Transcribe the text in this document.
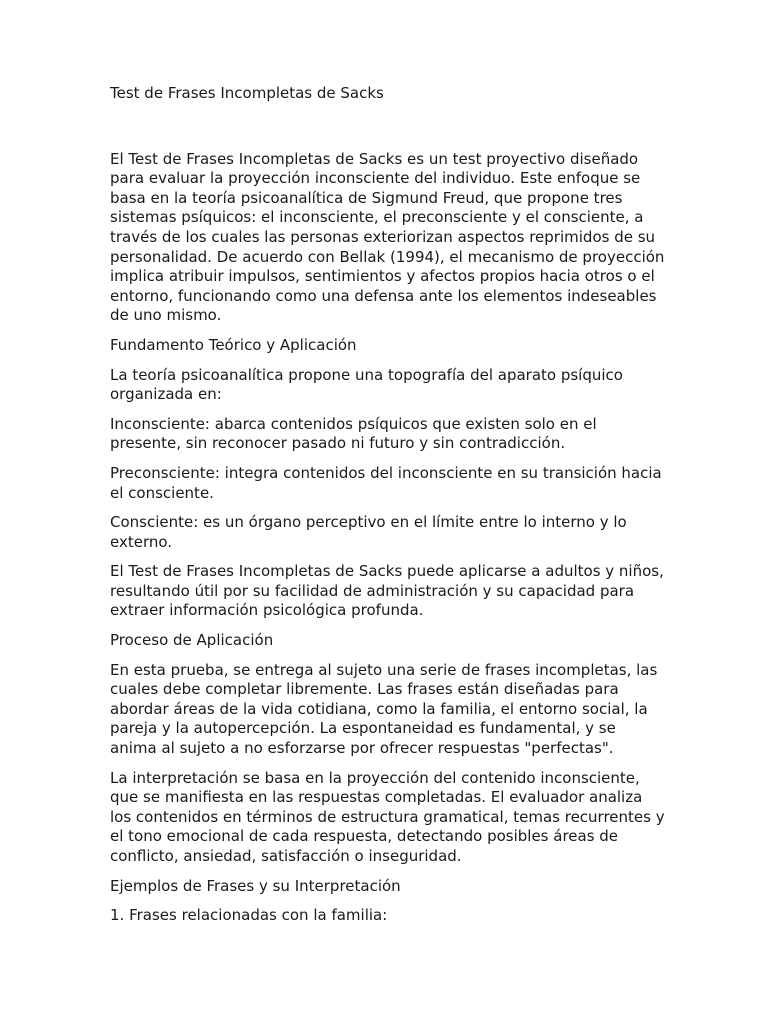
Test de Frases Incompletas de Sacks

El Test de Frases Incompletas de Sacks es un test proyectivo diseñado para evaluar la proyección inconsciente del individuo. Este enfoque se basa en la teoría psicoanalítica de Sigmund Freud, que propone tres sistemas psíquicos: el inconsciente, el preconsciente y el consciente, a través de los cuales las personas exteriorizan aspectos reprimidos de su personalidad. De acuerdo con Bellak (1994), el mecanismo de proyección implica atribuir impulsos, sentimientos y afectos propios hacia otros o el entorno, funcionando como una defensa ante los elementos indeseables de uno mismo.

Fundamento Teórico y Aplicación

La teoría psicoanalítica propone una topografía del aparato psíquico organizada en:

Inconsciente: abarca contenidos psíquicos que existen solo en el presente, sin reconocer pasado ni futuro y sin contradicción.

Preconsciente: integra contenidos del inconsciente en su transición hacia el consciente.

Consciente: es un órgano perceptivo en el límite entre lo interno y lo externo.

El Test de Frases Incompletas de Sacks puede aplicarse a adultos y niños, resultando útil por su facilidad de administración y su capacidad para extraer información psicológica profunda.

Proceso de Aplicación

En esta prueba, se entrega al sujeto una serie de frases incompletas, las cuales debe completar libremente. Las frases están diseñadas para abordar áreas de la vida cotidiana, como la familia, el entorno social, la pareja y la autopercepción. La espontaneidad es fundamental, y se anima al sujeto a no esforzarse por ofrecer respuestas "perfectas".

La interpretación se basa en la proyección del contenido inconsciente, que se manifiesta en las respuestas completadas. El evaluador analiza los contenidos en términos de estructura gramatical, temas recurrentes y el tono emocional de cada respuesta, detectando posibles áreas de conflicto, ansiedad, satisfacción o inseguridad.

Ejemplos de Frases y su Interpretación

1. Frases relacionadas con la familia:
